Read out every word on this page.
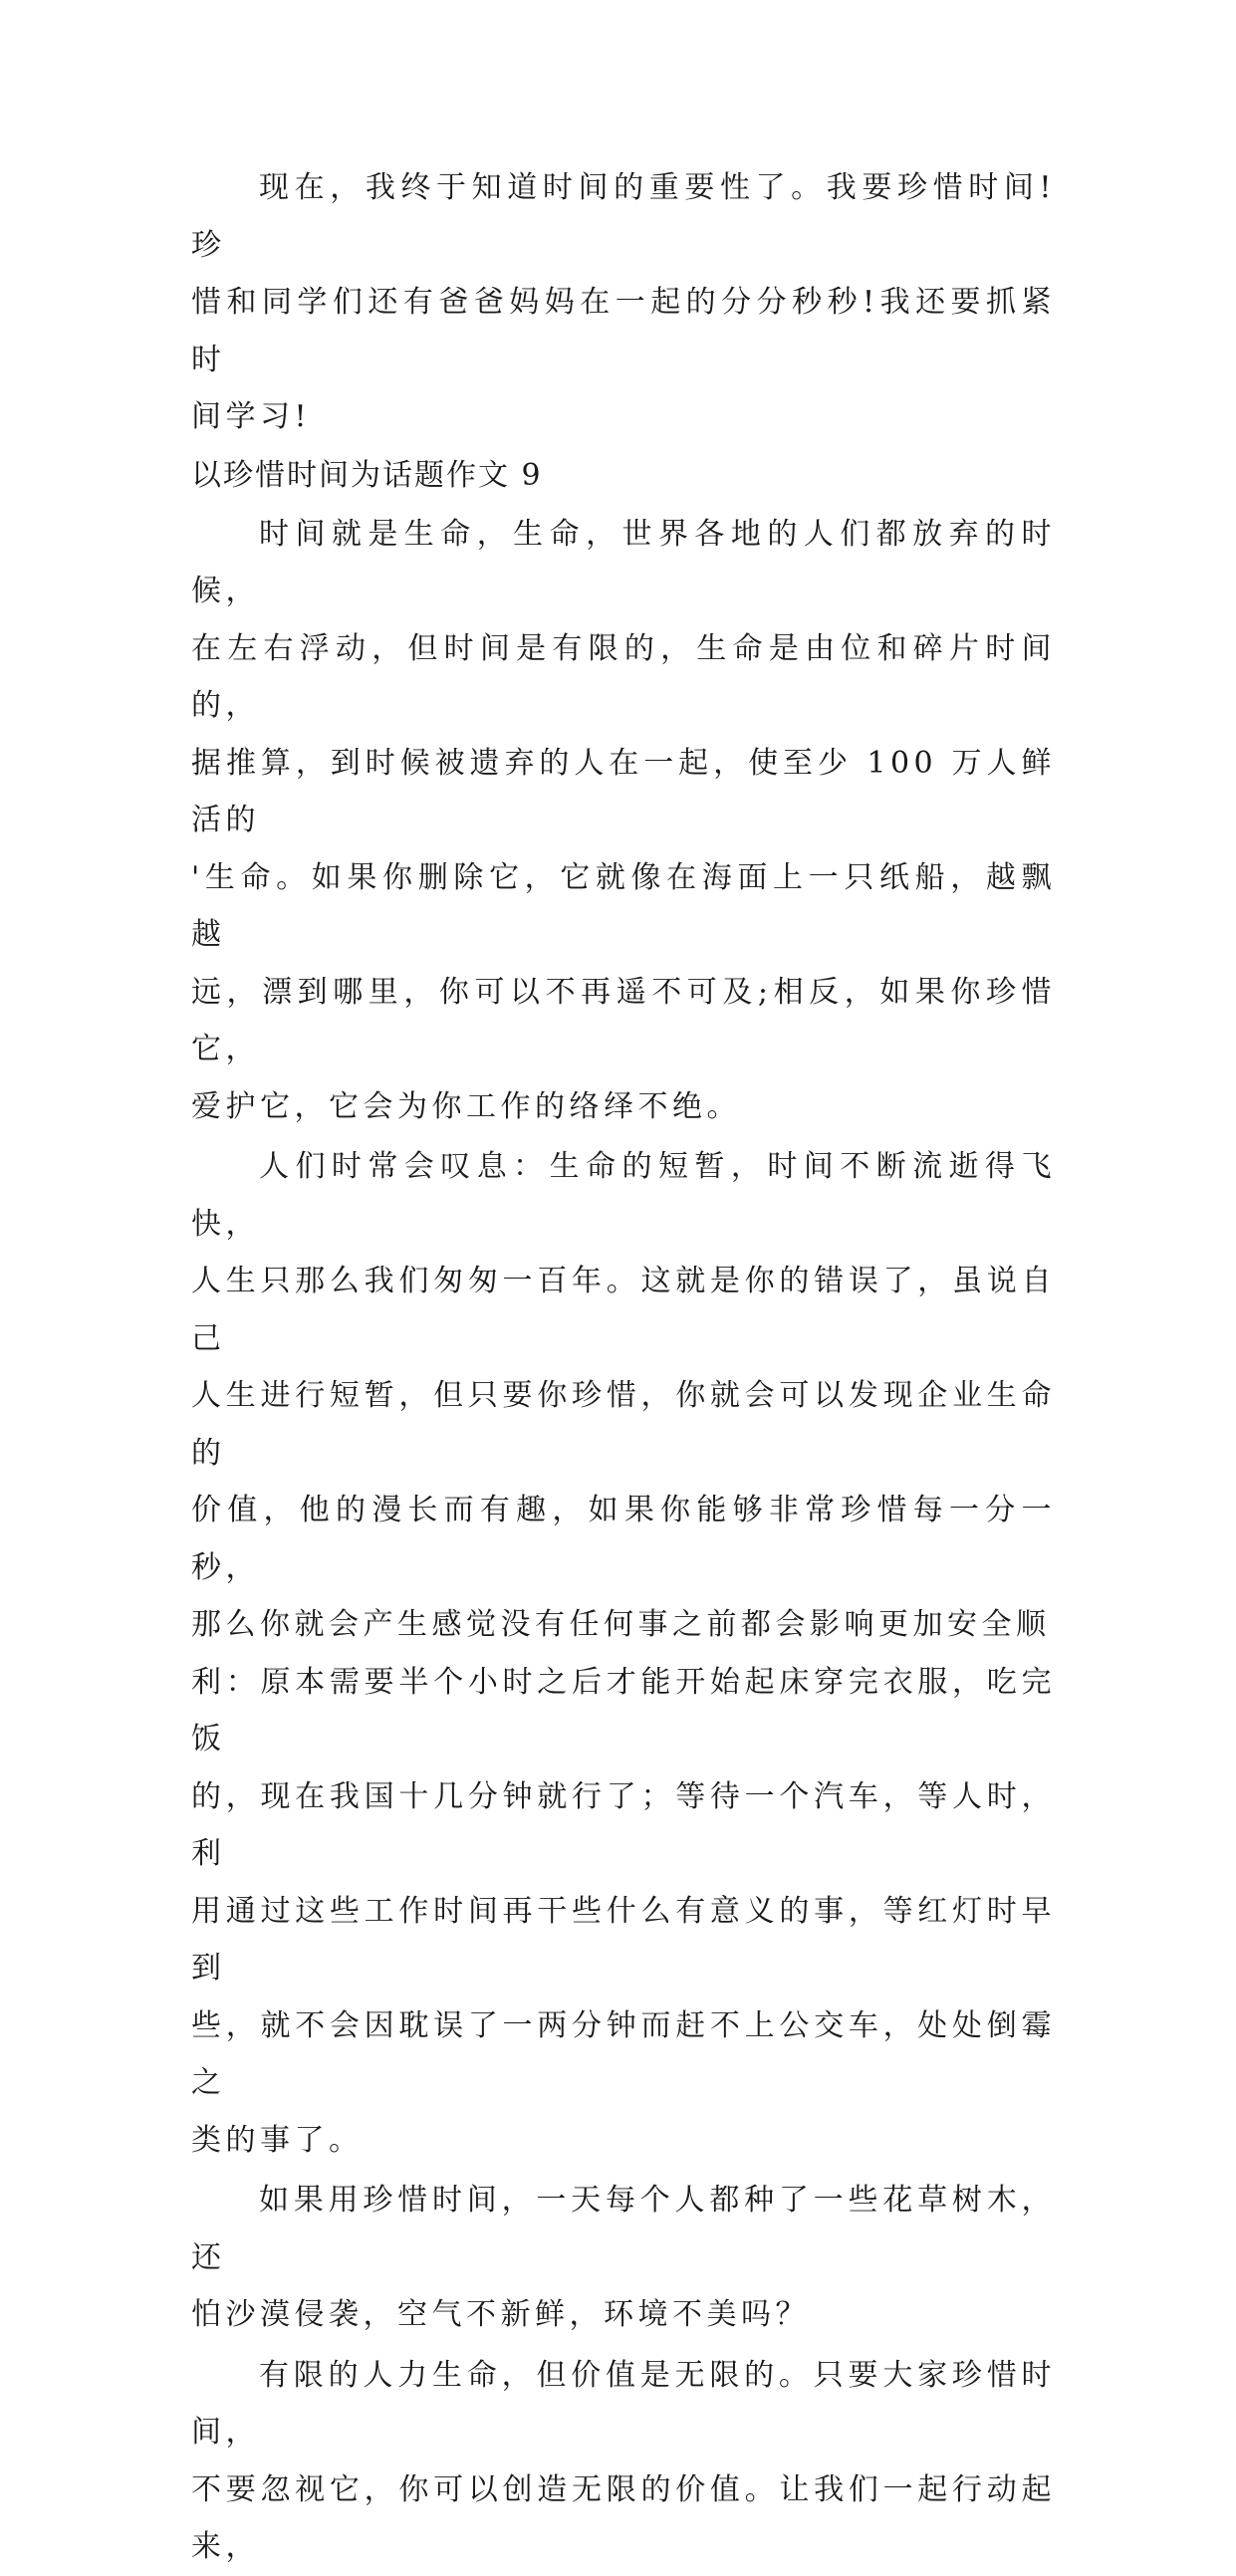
现在，我终于知道时间的重要性了。我要珍惜时间!珍
惜和同学们还有爸爸妈妈在一起的分分秒秒!我还要抓紧时
间学习!

以珍惜时间为话题作文 9

时间就是生命，生命，世界各地的人们都放弃的时候，
在左右浮动，但时间是有限的，生命是由位和碎片时间的，
据推算，到时候被遗弃的人在一起，使至少 100 万人鲜活的
'生命。如果你删除它，它就像在海面上一只纸船，越飘越
远，漂到哪里，你可以不再遥不可及;相反，如果你珍惜它，
爱护它，它会为你工作的络绎不绝。

人们时常会叹息：生命的短暂，时间不断流逝得飞快，
人生只那么我们匆匆一百年。这就是你的错误了，虽说自己
人生进行短暂，但只要你珍惜，你就会可以发现企业生命的
价值，他的漫长而有趣，如果你能够非常珍惜每一分一秒，
那么你就会产生感觉没有任何事之前都会影响更加安全顺
利：原本需要半个小时之后才能开始起床穿完衣服，吃完饭
的，现在我国十几分钟就行了；等待一个汽车，等人时，利
用通过这些工作时间再干些什么有意义的事，等红灯时早到
些，就不会因耽误了一两分钟而赶不上公交车，处处倒霉之
类的事了。

如果用珍惜时间，一天每个人都种了一些花草树木，还
怕沙漠侵袭，空气不新鲜，环境不美吗？

有限的人力生命，但价值是无限的。只要大家珍惜时间，
不要忽视它，你可以创造无限的价值。让我们一起行动起来，
